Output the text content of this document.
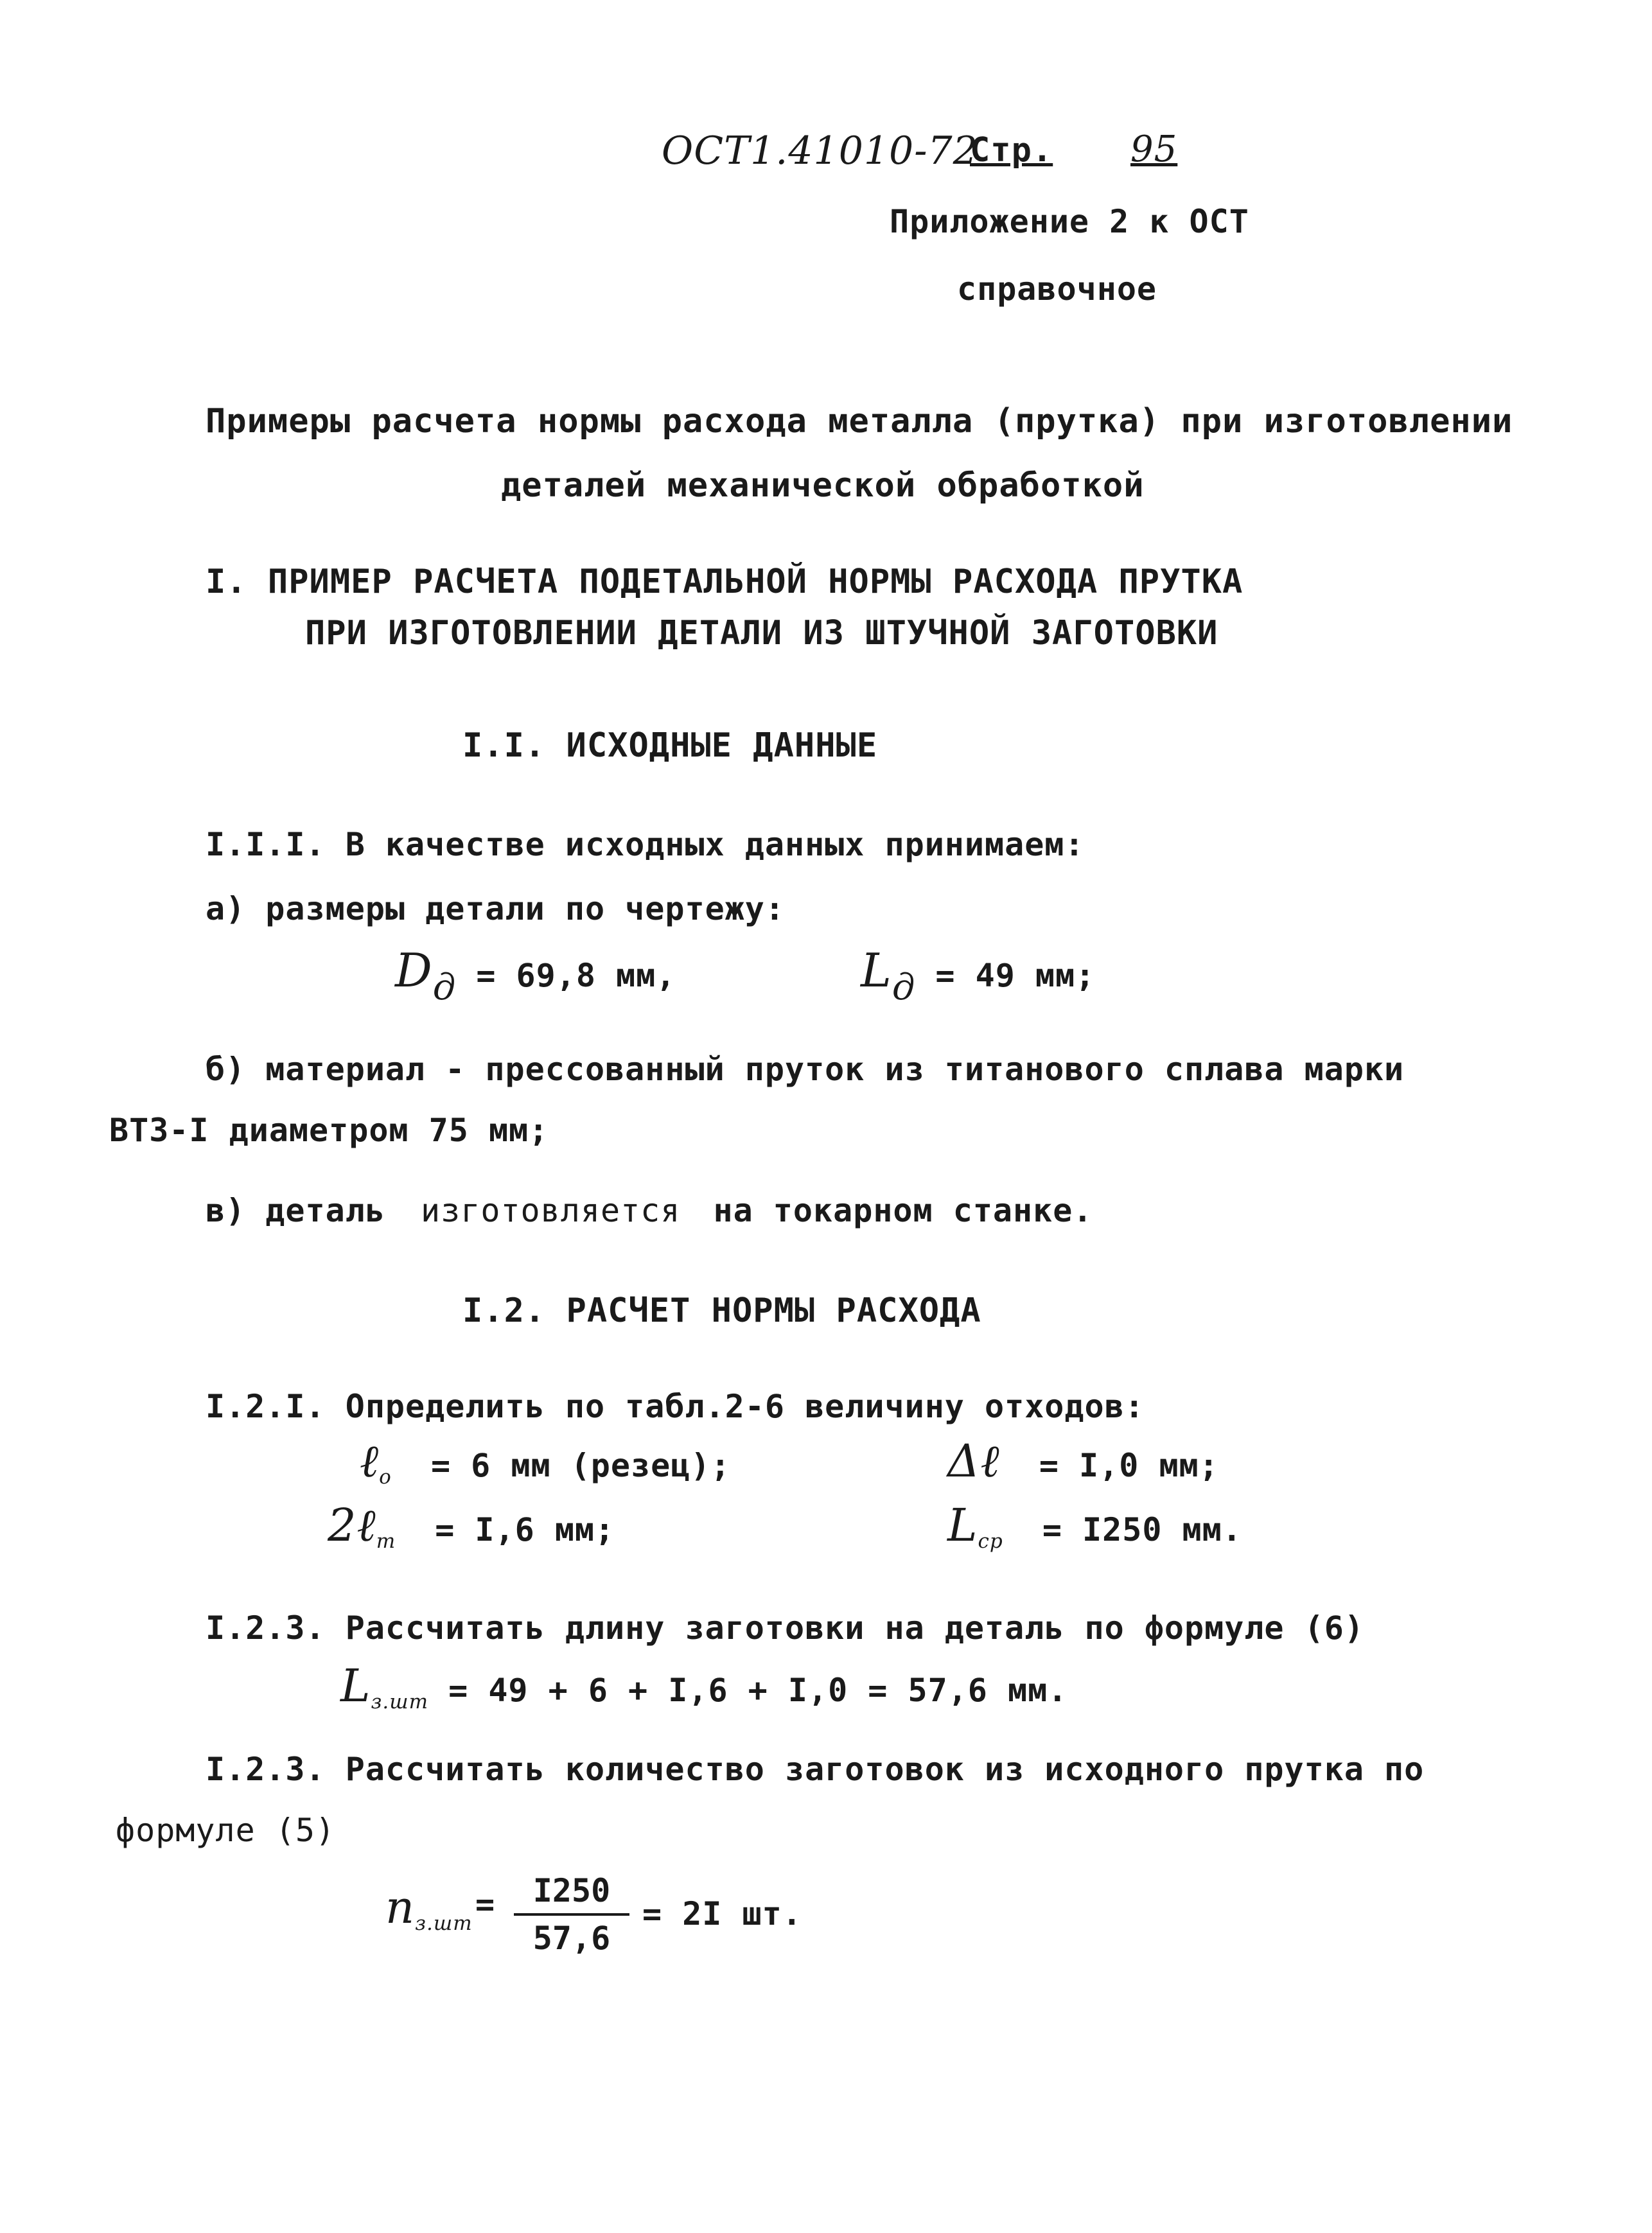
ОСТ1.41010-72
Стр. 95
Приложение 2 к ОСТ
справочное
Примеры расчета нормы расхода металла (прутка) при изготовлении
деталей механической обработкой
I. ПРИМЕР РАСЧЕТА ПОДЕТАЛЬНОЙ НОРМЫ РАСХОДА ПРУТКА
ПРИ ИЗГОТОВЛЕНИИ ДЕТАЛИ ИЗ ШТУЧНОЙ ЗАГОТОВКИ
I.I. ИСХОДНЫЕ ДАННЫЕ
I.I.I. В качестве исходных данных принимаем:
а) размеры детали по чертежу:
Dд = 69,8 мм,	Lд = 49 мм;
б) материал - прессованный пруток из титанового сплава марки
ВТ3-I диаметром 75 мм;
в) деталь изготовляется на токарном станке.
I.2. РАСЧЕТ НОРМЫ РАСХОДА
I.2.I. Определить по табл.2-6 величину отходов:
ℓ$_о$ = 6 мм (резец);	Δℓ = I,0 мм;
2ℓ$_т$ = I,6 мм;	$L_{ср} = I250$ мм.
I.2.3. Рассчитать длину заготовки на деталь по формуле (6)
$L_{з.шт} = 49 + 6 + I,6 + I,0 = 57,6$ мм.
I.2.3. Рассчитать количество заготовок из исходного прутка по
формуле (5)
$n_{з.шт}$
=	I250
57,6
= 2I шт.
